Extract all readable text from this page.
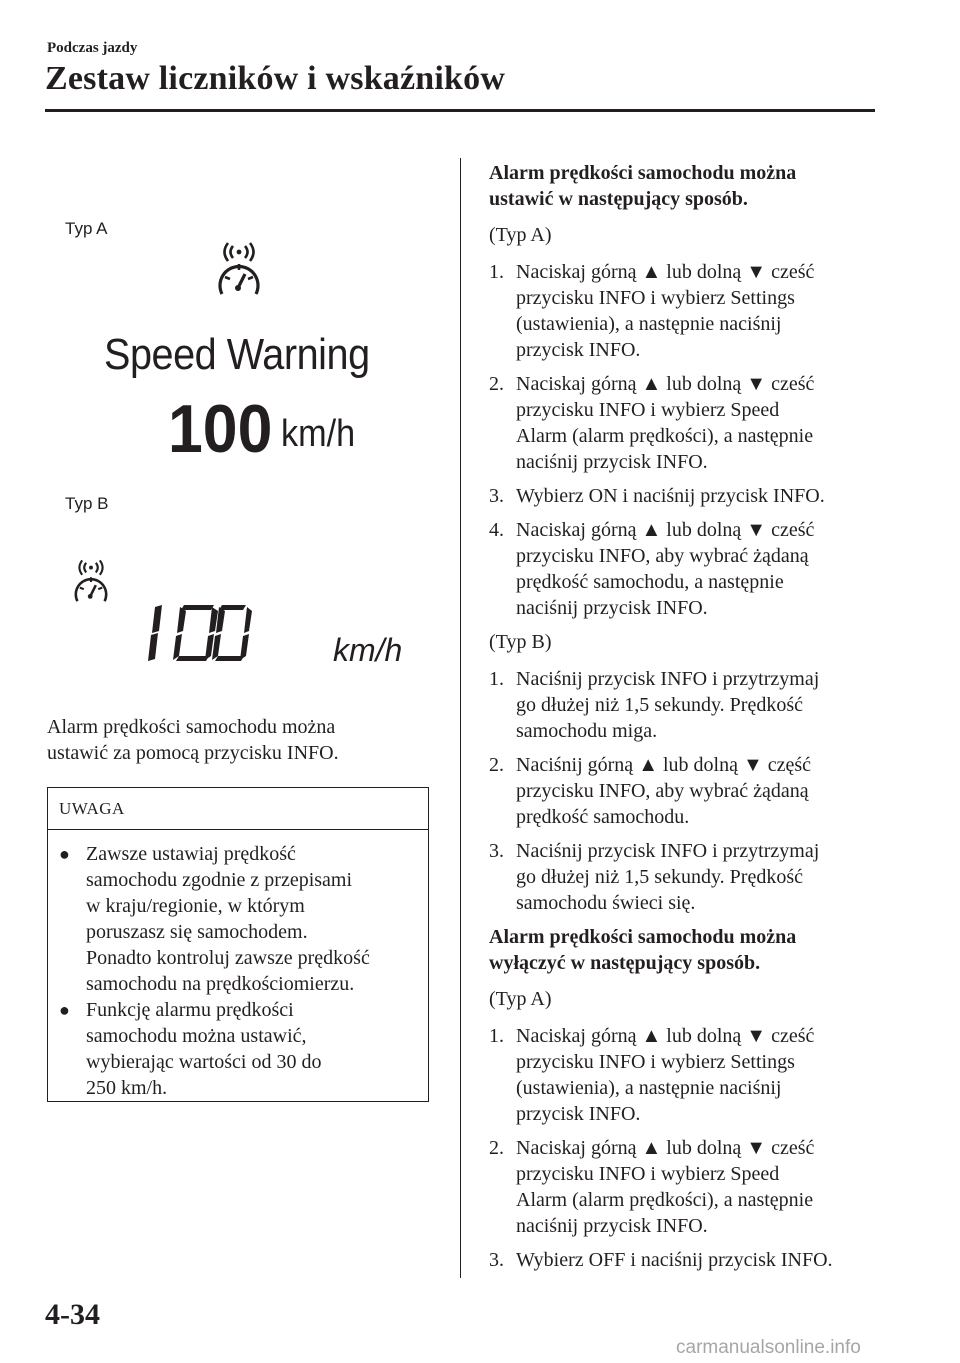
Podczas jazdy
Zestaw liczników i wskaźników
Typ A
Speed Warning
100 km/h
Typ B
km/h
Alarm prędkości samochodu można
ustawić za pomocą przycisku INFO.
UWAGA
● Zawsze ustawiaj prędkość
samochodu zgodnie z przepisami
w kraju/regionie, w którym
poruszasz się samochodem.
Ponadto kontroluj zawsze prędkość
samochodu na prędkościomierzu.
● Funkcję alarmu prędkości
samochodu można ustawić,
wybierając wartości od 30 do
250 km/h.
Alarm prędkości samochodu można
ustawić w następujący sposób.
(Typ A)
1. Naciskaj górną ▲ lub dolną ▼ cześć
przycisku INFO i wybierz Settings
(ustawienia), a następnie naciśnij
przycisk INFO.
2. Naciskaj górną ▲ lub dolną ▼ cześć
przycisku INFO i wybierz Speed
Alarm (alarm prędkości), a następnie
naciśnij przycisk INFO.
3. Wybierz ON i naciśnij przycisk INFO.
4. Naciskaj górną ▲ lub dolną ▼ cześć
przycisku INFO, aby wybrać żądaną
prędkość samochodu, a następnie
naciśnij przycisk INFO.
(Typ B)
1. Naciśnij przycisk INFO i przytrzymaj
go dłużej niż 1,5 sekundy. Prędkość
samochodu miga.
2. Naciśnij górną ▲ lub dolną ▼ część
przycisku INFO, aby wybrać żądaną
prędkość samochodu.
3. Naciśnij przycisk INFO i przytrzymaj
go dłużej niż 1,5 sekundy. Prędkość
samochodu świeci się.
Alarm prędkości samochodu można
wyłączyć w następujący sposób.
(Typ A)
1. Naciskaj górną ▲ lub dolną ▼ cześć
przycisku INFO i wybierz Settings
(ustawienia), a następnie naciśnij
przycisk INFO.
2. Naciskaj górną ▲ lub dolną ▼ cześć
przycisku INFO i wybierz Speed
Alarm (alarm prędkości), a następnie
naciśnij przycisk INFO.
3. Wybierz OFF i naciśnij przycisk INFO.
4-34
carmanualsonline.info
